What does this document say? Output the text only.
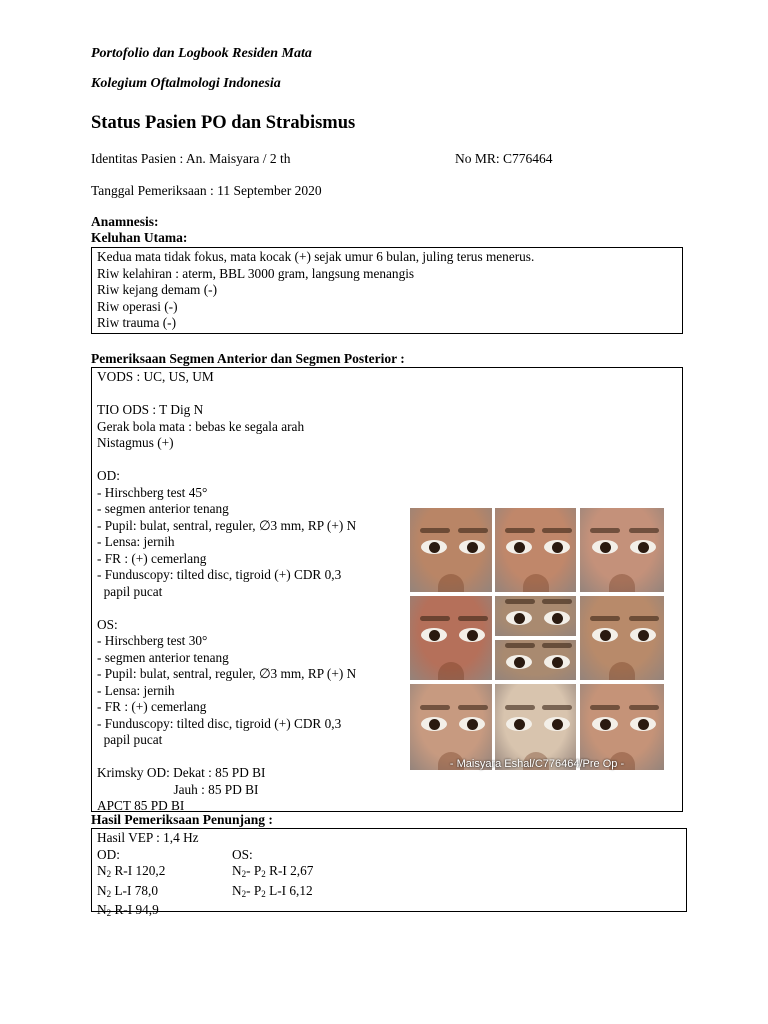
Portofolio dan Logbook Residen Mata
Kolegium Oftalmologi Indonesia
Status Pasien PO dan Strabismus
Identitas Pasien : An. Maisyara / 2 th	No MR: C776464
Tanggal Pemeriksaan : 11 September 2020
Anamnesis:
Keluhan Utama:
Kedua mata tidak fokus, mata kocak (+) sejak umur 6 bulan, juling terus menerus.
Riw kelahiran : aterm, BBL 3000 gram, langsung menangis
Riw kejang demam (-)
Riw operasi (-)
Riw trauma (-)
Pemeriksaan Segmen Anterior dan Segmen Posterior :
VODS : UC, US, UM
TIO ODS : T Dig N
Gerak bola mata : bebas ke segala arah
Nistagmus (+)
OD:
- Hirschberg test 45°
- segmen anterior tenang
- Pupil: bulat, sentral, reguler, ∅3 mm, RP (+) N
- Lensa: jernih
- FR : (+) cemerlang
- Funduscopy: tilted disc, tigroid (+) CDR 0,3
papil pucat
OS:
- Hirschberg test 30°
- segmen anterior tenang
- Pupil: bulat, sentral, reguler, ∅3 mm, RP (+) N
- Lensa: jernih
- FR : (+) cemerlang
- Funduscopy: tilted disc, tigroid (+) CDR 0,3
papil pucat
Krimsky OD: Dekat : 85 PD BI
Jauh : 85 PD BI
APCT 85 PD BI
- Maisyara Eshal/C776464/Pre Op -
Hasil Pemeriksaan Penunjang :
Hasil VEP : 1,4 Hz
OD:
$N_2$ R-I 120,2
$N_2$ L-I 78,0
$N_2$ R-I 94,9
OS:
$N_2-$ $P_2$ R-I 2,67
$N_2-$ $P_2$ L-I 6,12
